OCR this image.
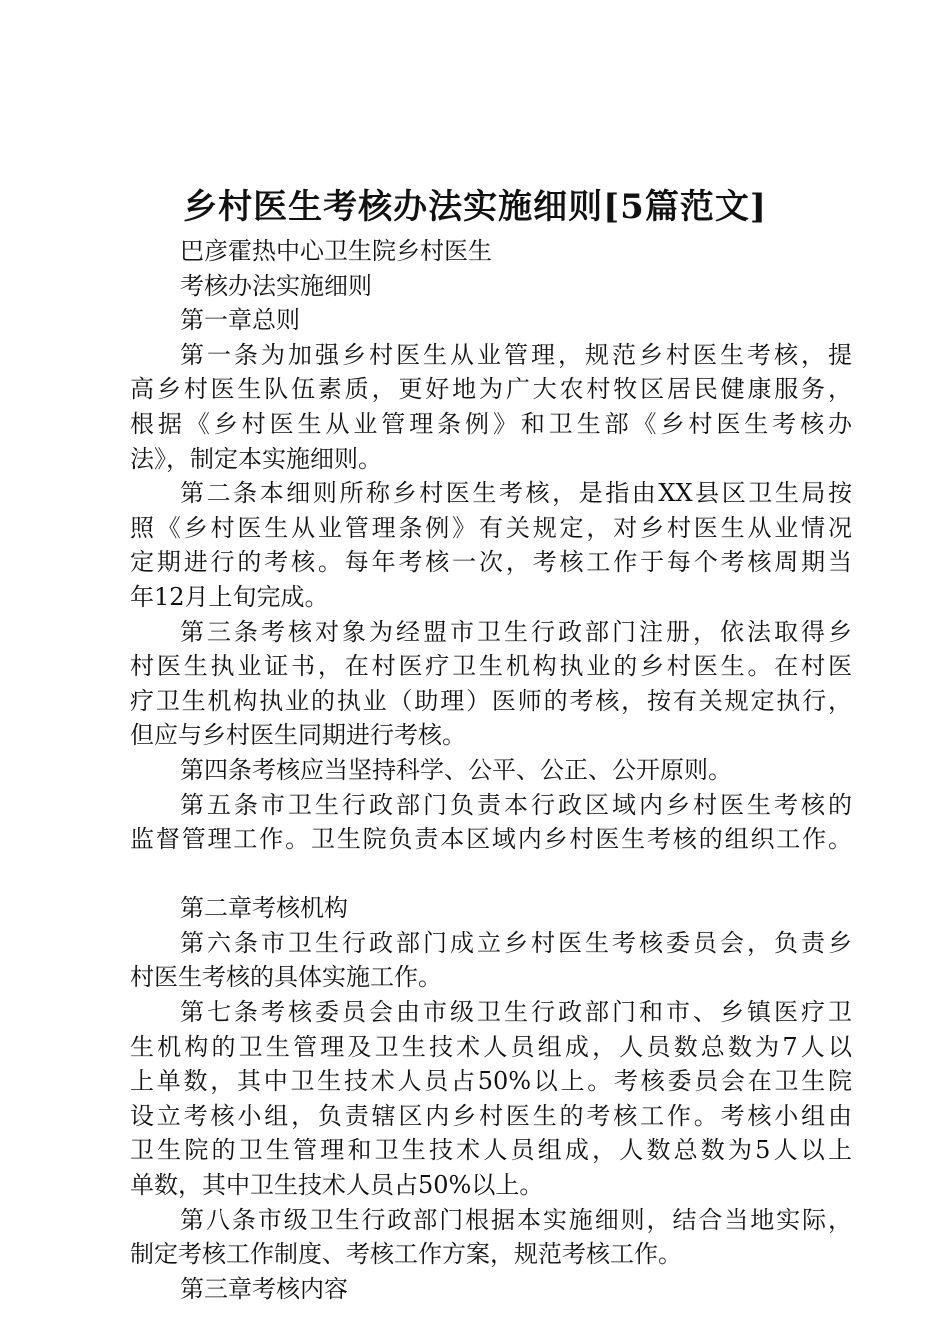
乡村医生考核办法实施细则[5篇范文]
巴彦霍热中心卫生院乡村医生
考核办法实施细则
第一章总则
第一条为加强乡村医生从业管理，规范乡村医生考核，提
高乡村医生队伍素质，更好地为广大农村牧区居民健康服务，
根据《乡村医生从业管理条例》和卫生部《乡村医生考核办
法》，制定本实施细则。
第二条本细则所称乡村医生考核，是指由XX县区卫生局按
照《乡村医生从业管理条例》有关规定，对乡村医生从业情况
定期进行的考核。每年考核一次，考核工作于每个考核周期当
年12月上旬完成。
第三条考核对象为经盟市卫生行政部门注册，依法取得乡
村医生执业证书，在村医疗卫生机构执业的乡村医生。在村医
疗卫生机构执业的执业（助理）医师的考核，按有关规定执行，
但应与乡村医生同期进行考核。
第四条考核应当坚持科学、公平、公正、公开原则。
第五条市卫生行政部门负责本行政区域内乡村医生考核的
监督管理工作。卫生院负责本区域内乡村医生考核的组织工作。
第二章考核机构
第六条市卫生行政部门成立乡村医生考核委员会，负责乡
村医生考核的具体实施工作。
第七条考核委员会由市级卫生行政部门和市、乡镇医疗卫
生机构的卫生管理及卫生技术人员组成，人员数总数为7人以
上单数，其中卫生技术人员占50%以上。考核委员会在卫生院
设立考核小组，负责辖区内乡村医生的考核工作。考核小组由
卫生院的卫生管理和卫生技术人员组成，人数总数为5人以上
单数，其中卫生技术人员占50%以上。
第八条市级卫生行政部门根据本实施细则，结合当地实际，
制定考核工作制度、考核工作方案，规范考核工作。
第三章考核内容
